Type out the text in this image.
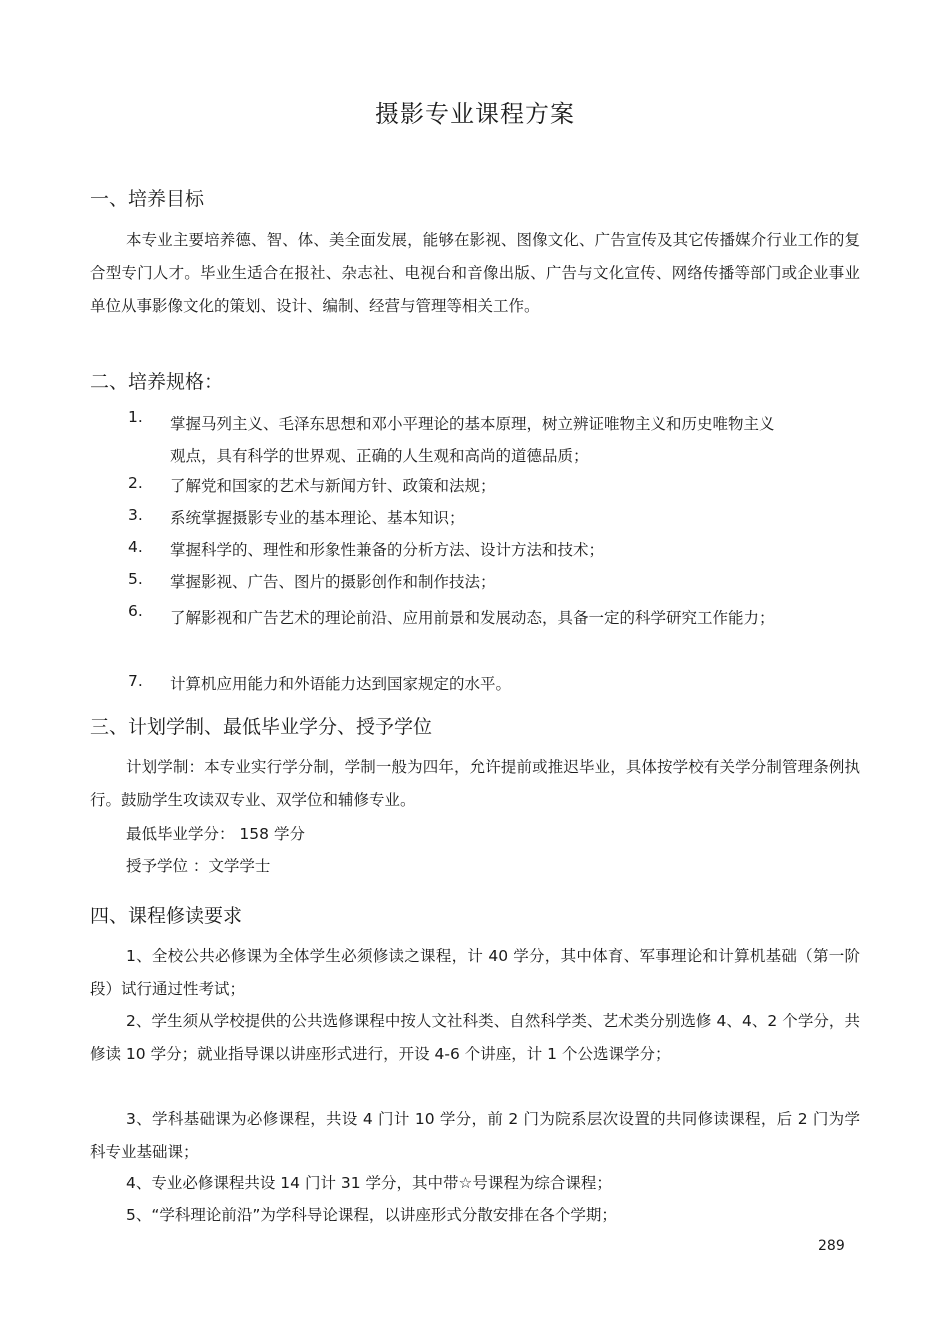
摄影专业课程方案
一、培养目标
本专业主要培养德、智、体、美全面发展，能够在影视、图像文化、广告宣传及其它传播媒介行业工作的复合型专门人才。毕业生适合在报社、杂志社、电视台和音像出版、广告与文化宣传、网络传播等部门或企业事业单位从事影像文化的策划、设计、编制、经营与管理等相关工作。
二、培养规格：
1. 掌握马列主义、毛泽东思想和邓小平理论的基本原理，树立辨证唯物主义和历史唯物主义观点，具有科学的世界观、正确的人生观和高尚的道德品质；
2. 了解党和国家的艺术与新闻方针、政策和法规；
3. 系统掌握摄影专业的基本理论、基本知识；
4. 掌握科学的、理性和形象性兼备的分析方法、设计方法和技术；
5. 掌握影视、广告、图片的摄影创作和制作技法；
6. 了解影视和广告艺术的理论前沿、应用前景和发展动态，具备一定的科学研究工作能力；
7. 计算机应用能力和外语能力达到国家规定的水平。
三、计划学制、最低毕业学分、授予学位
计划学制：本专业实行学分制，学制一般为四年，允许提前或推迟毕业，具体按学校有关学分制管理条例执行。鼓励学生攻读双专业、双学位和辅修专业。
最低毕业学分： 158 学分
授予学位 ：文学学士
四、课程修读要求
1、全校公共必修课为全体学生必须修读之课程，计 40 学分，其中体育、军事理论和计算机基础（第一阶段）试行通过性考试；
2、学生须从学校提供的公共选修课程中按人文社科类、自然科学类、艺术类分别选修 4、4、2 个学分，共修读 10 学分；就业指导课以讲座形式进行，开设 4-6 个讲座，计 1 个公选课学分；
3、学科基础课为必修课程，共设 4 门计 10 学分，前 2 门为院系层次设置的共同修读课程，后 2 门为学科专业基础课；
4、专业必修课程共设 14 门计 31 学分，其中带☆号课程为综合课程；
5、“学科理论前沿”为学科导论课程，以讲座形式分散安排在各个学期；
289
